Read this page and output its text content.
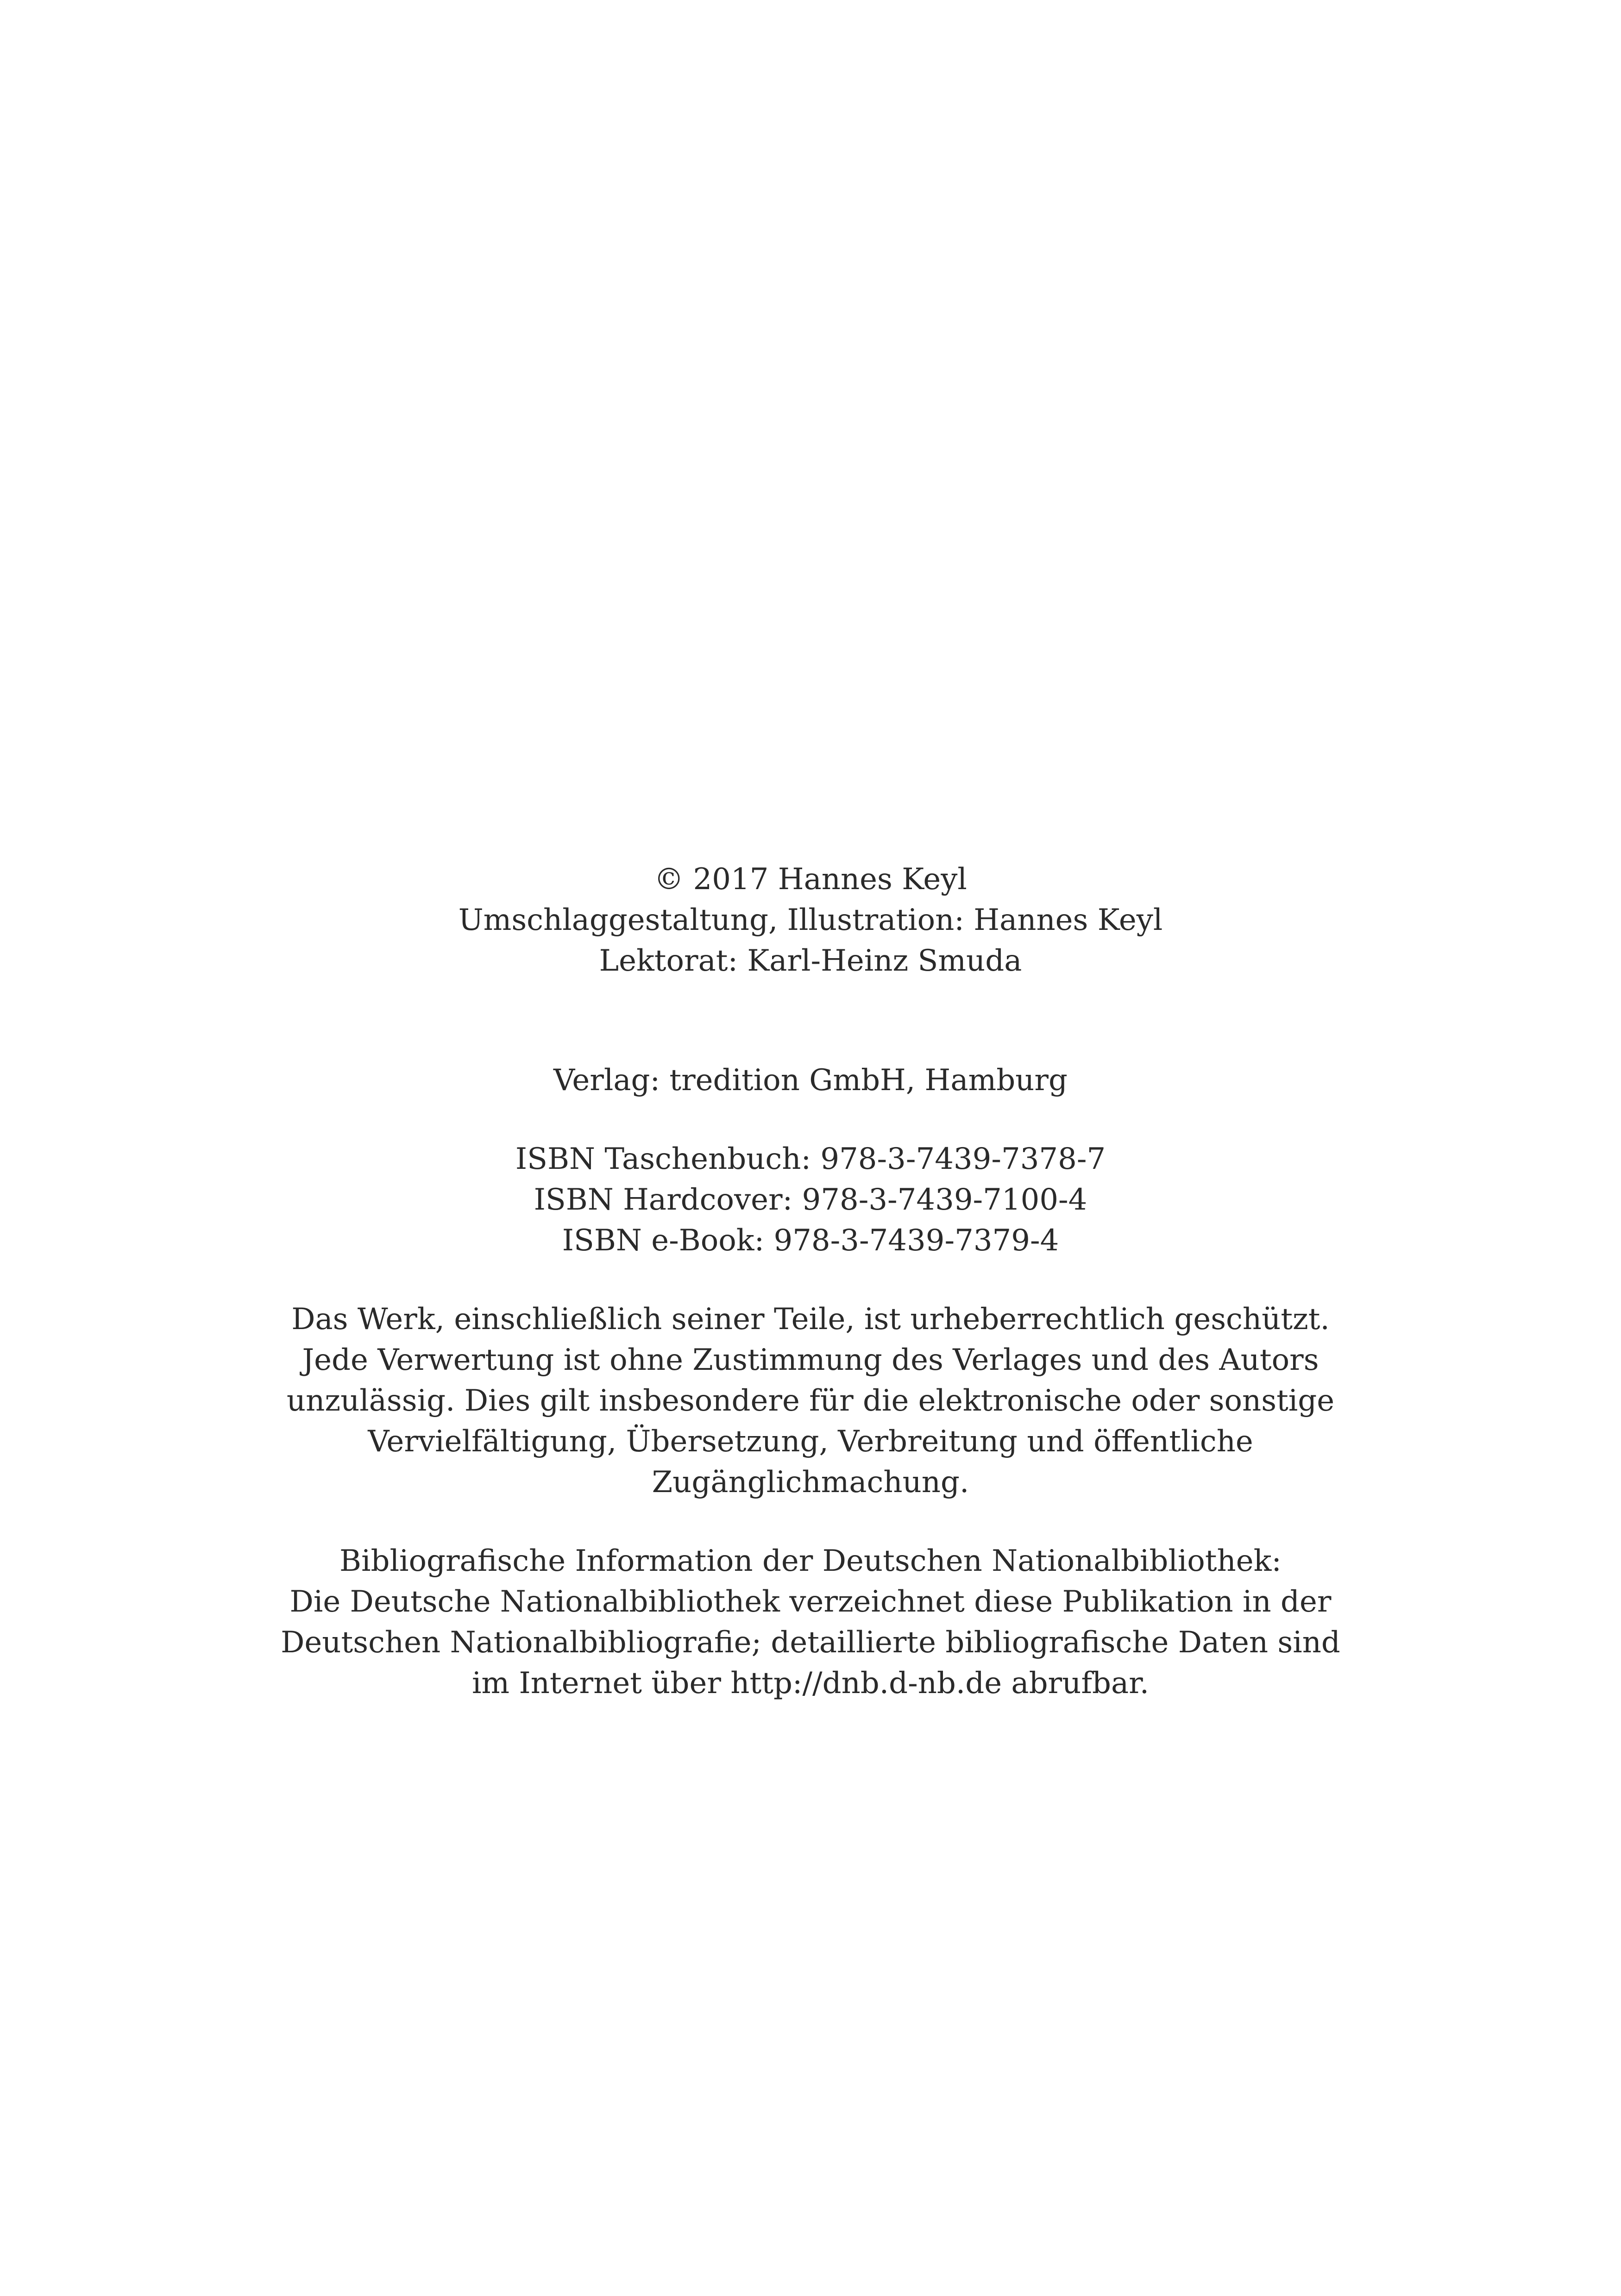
© 2017 Hannes Keyl

Umschlaggestaltung, Illustration: Hannes Keyl

Lektorat: Karl-Heinz Smuda

Verlag: tredition GmbH, Hamburg

ISBN Taschenbuch: 978-3-7439-7378-7

ISBN Hardcover: 978-3-7439-7100-4

ISBN e-Book: 978-3-7439-7379-4

Das Werk, einschließlich seiner Teile, ist urheberrechtlich geschützt.

Jede Verwertung ist ohne Zustimmung des Verlages und des Autors

unzulässig. Dies gilt insbesondere für die elektronische oder sonstige

Vervielfältigung, Übersetzung, Verbreitung und öffentliche

Zugänglichmachung.

Bibliografische Information der Deutschen Nationalbibliothek:

Die Deutsche Nationalbibliothek verzeichnet diese Publikation in der

Deutschen Nationalbibliografie; detaillierte bibliografische Daten sind

im Internet über http://dnb.d-nb.de abrufbar.
